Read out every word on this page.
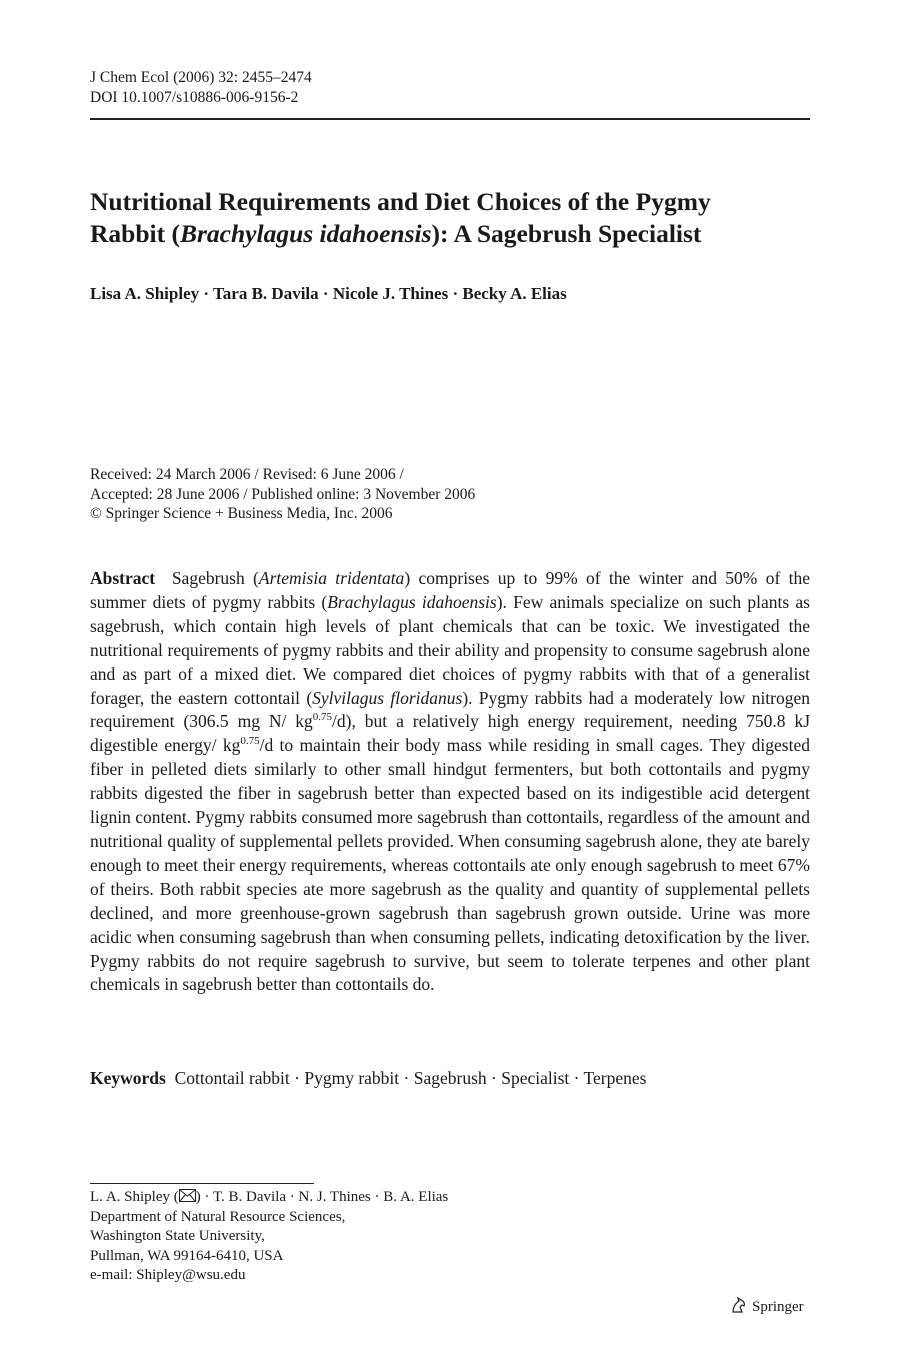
J Chem Ecol (2006) 32: 2455–2474
DOI 10.1007/s10886-006-9156-2
Nutritional Requirements and Diet Choices of the Pygmy
Rabbit (Brachylagus idahoensis): A Sagebrush Specialist
Lisa A. Shipley · Tara B. Davila · Nicole J. Thines · Becky A. Elias
Received: 24 March 2006 / Revised: 6 June 2006 /
Accepted: 28 June 2006 / Published online: 3 November 2006
© Springer Science + Business Media, Inc. 2006
Abstract Sagebrush (Artemisia tridentata) comprises up to 99% of the winter and 50% of the summer diets of pygmy rabbits (Brachylagus idahoensis). Few animals specialize on such plants as sagebrush, which contain high levels of plant chemicals that can be toxic. We investigated the nutritional requirements of pygmy rabbits and their ability and propensity to consume sagebrush alone and as part of a mixed diet. We compared diet choices of pygmy rabbits with that of a generalist forager, the eastern cottontail (Sylvilagus floridanus). Pygmy rabbits had a moderately low nitrogen requirement (306.5 mg N/ $kg^{0.75}/d$), but a relatively high energy requirement, needing 750.8 kJ digestible energy/ $kg^{0.75}/d$ to maintain their body mass while residing in small cages. They digested fiber in pelleted diets similarly to other small hindgut fermenters, but both cottontails and pygmy rabbits digested the fiber in sagebrush better than expected based on its indigestible acid detergent lignin content. Pygmy rabbits consumed more sagebrush than cottontails, regardless of the amount and nutritional quality of supplemental pellets provided. When consuming sagebrush alone, they ate barely enough to meet their energy requirements, whereas cottontails ate only enough sagebrush to meet 67% of theirs. Both rabbit species ate more sagebrush as the quality and quantity of supplemental pellets declined, and more greenhouse-grown sagebrush than sagebrush grown outside. Urine was more acidic when consuming sagebrush than when consuming pellets, indicating detoxification by the liver. Pygmy rabbits do not require sagebrush to survive, but seem to tolerate terpenes and other plant chemicals in sagebrush better than cottontails do.
Keywords Cottontail rabbit · Pygmy rabbit · Sagebrush · Specialist · Terpenes
L. A. Shipley ( ) · T. B. Davila · N. J. Thines · B. A. Elias
Department of Natural Resource Sciences,
Washington State University,
Pullman, WA 99164-6410, USA
e-mail: Shipley@wsu.edu
Springer
